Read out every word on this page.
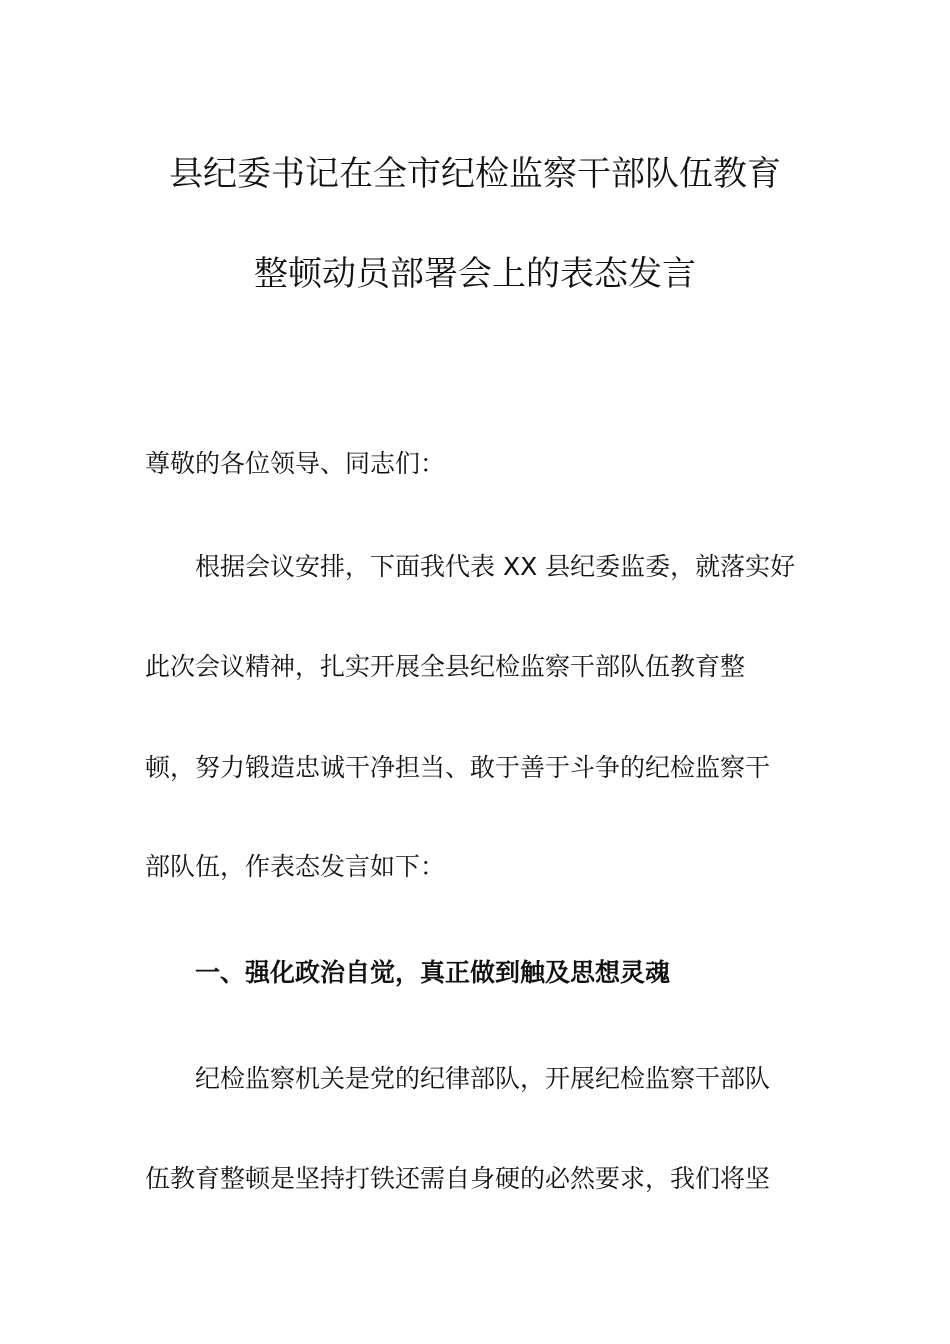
县纪委书记在全市纪检监察干部队伍教育
整顿动员部署会上的表态发言
尊敬的各位领导、同志们：
根据会议安排，下面我代表 XX 县纪委监委，就落实好
此次会议精神，扎实开展全县纪检监察干部队伍教育整
顿，努力锻造忠诚干净担当、敢于善于斗争的纪检监察干
部队伍，作表态发言如下：
一、强化政治自觉，真正做到触及思想灵魂
纪检监察机关是党的纪律部队，开展纪检监察干部队
伍教育整顿是坚持打铁还需自身硬的必然要求，我们将坚
